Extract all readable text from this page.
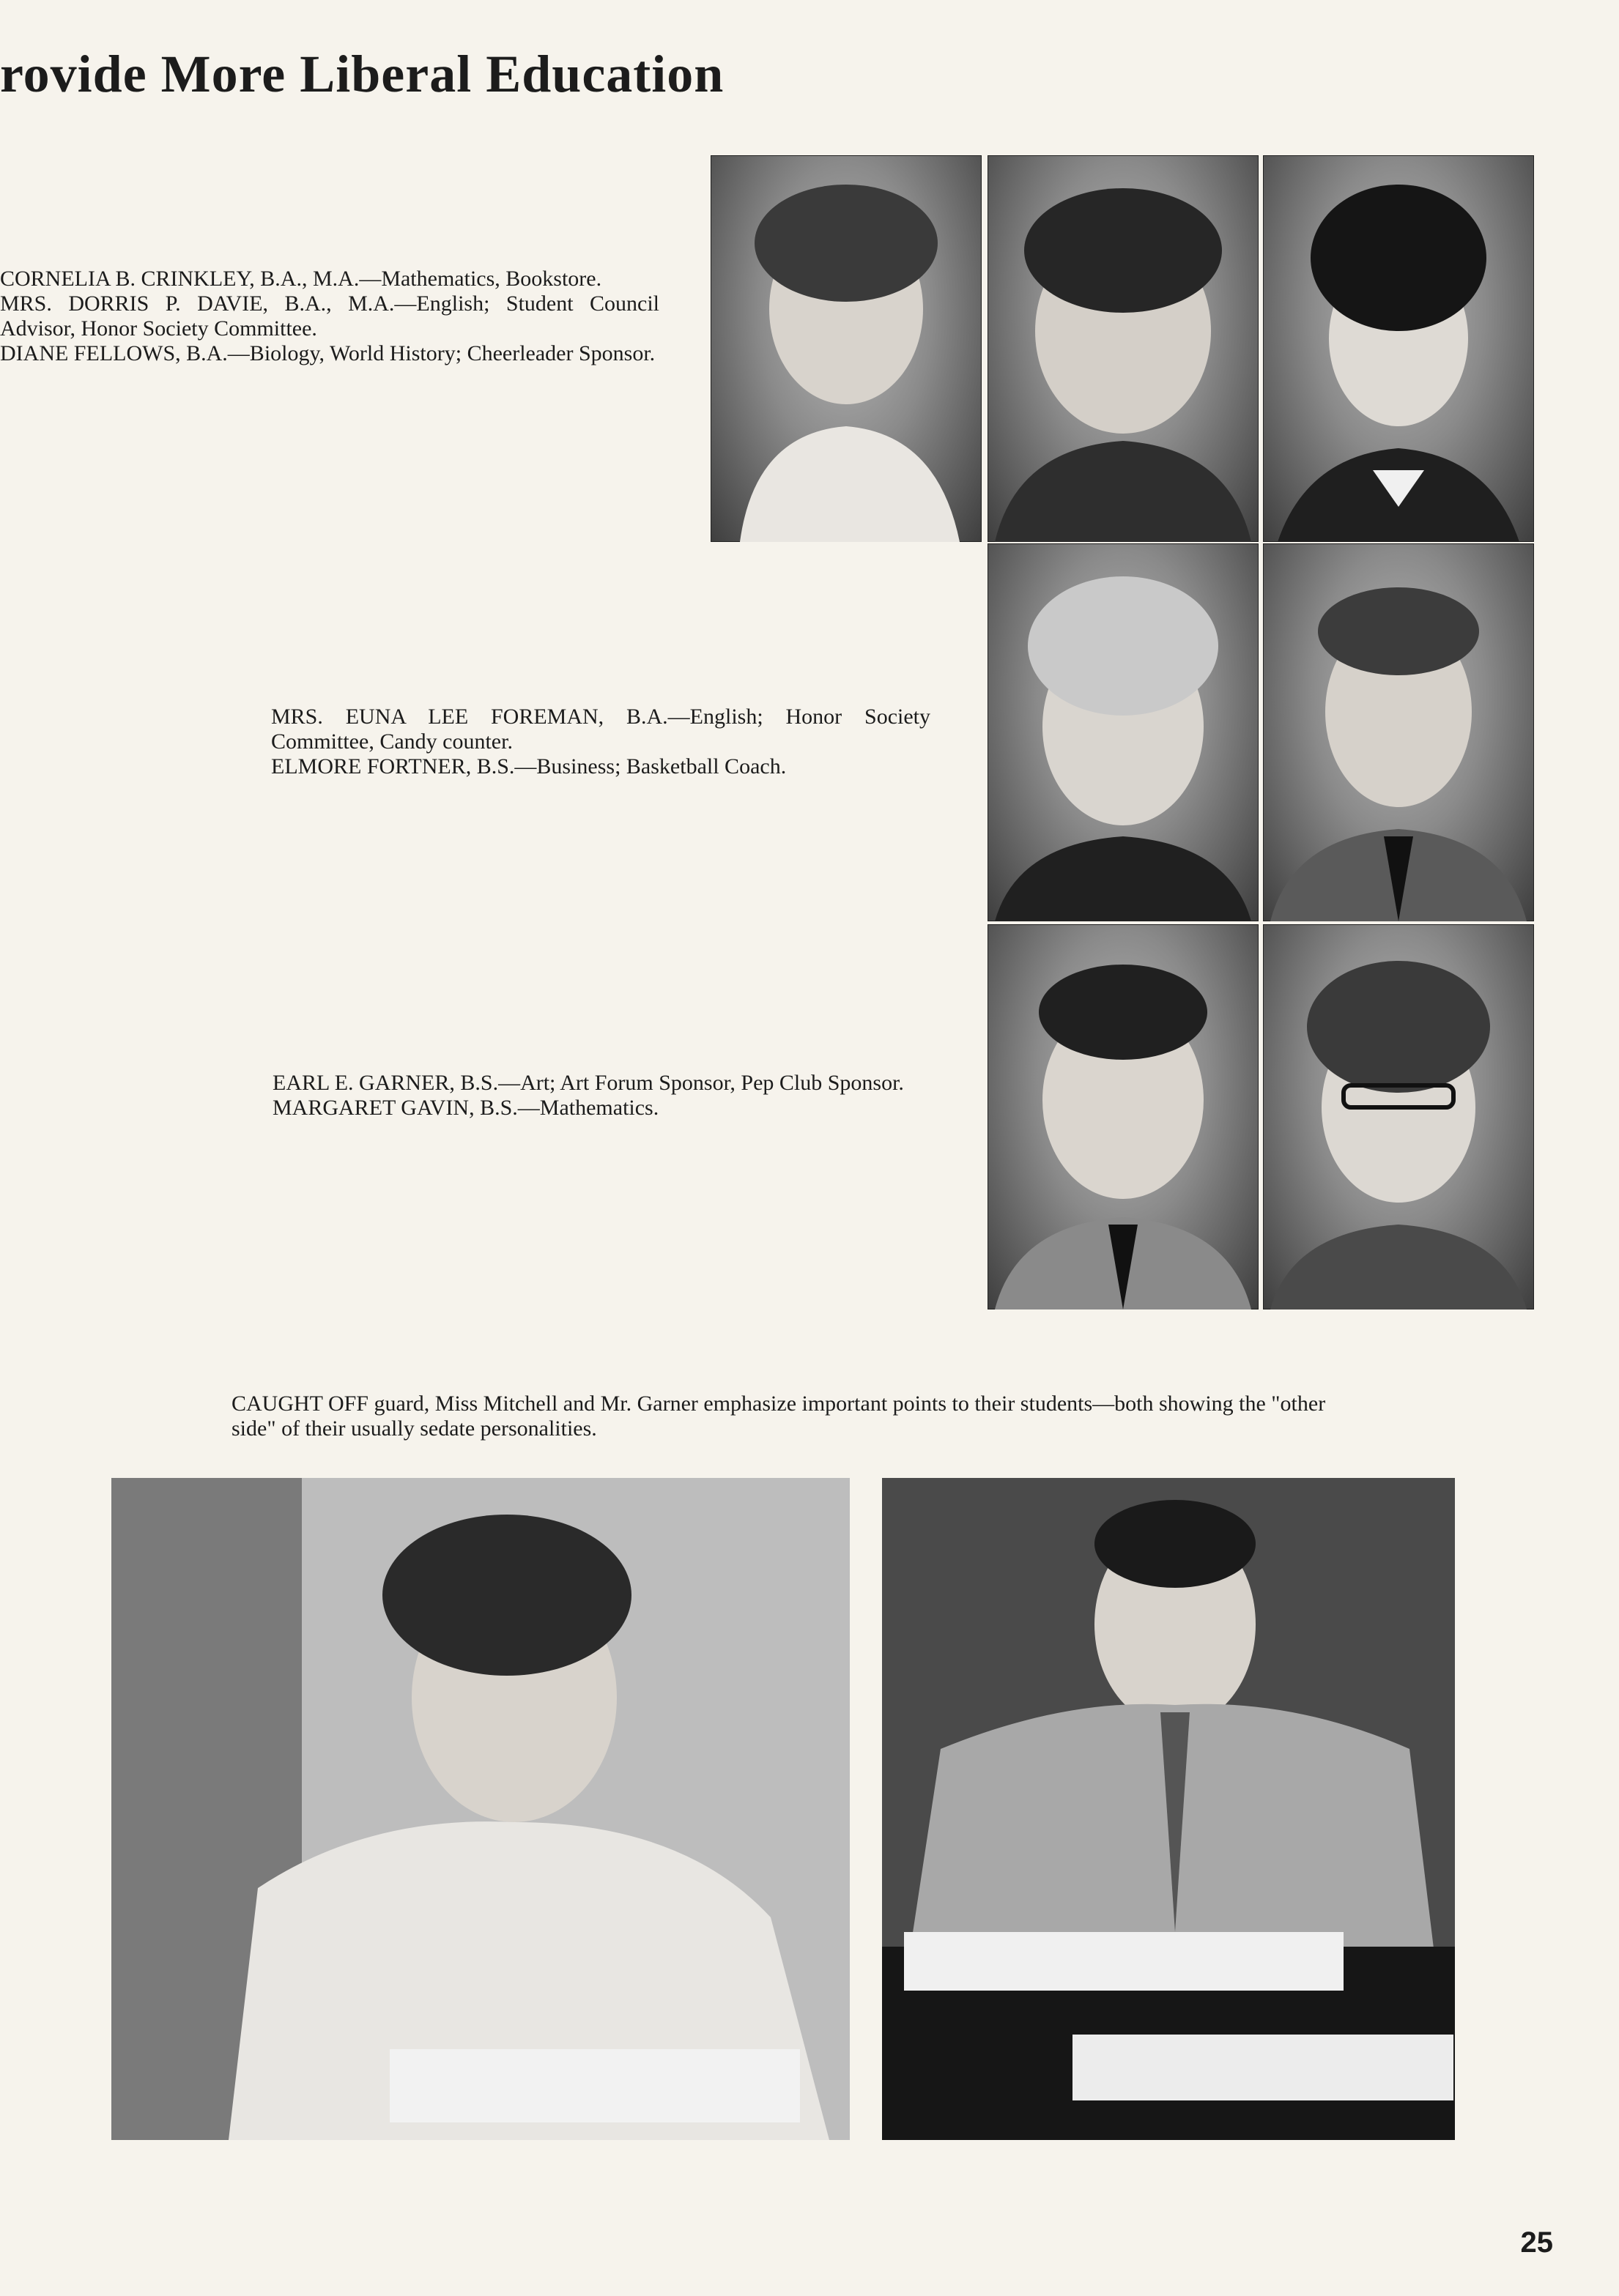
rovide More Liberal Education

CORNELIA B. CRINKLEY, B.A., M.A.—Mathematics, Bookstore.

MRS. DORRIS P. DAVIE, B.A., M.A.—English; Student Council Advisor, Honor Society Committee.

DIANE FELLOWS, B.A.—Biology, World History; Cheerleader Sponsor.

MRS. EUNA LEE FOREMAN, B.A.—English; Honor Society Committee, Candy counter.

ELMORE FORTNER, B.S.—Business; Basketball Coach.

EARL E. GARNER, B.S.—Art; Art Forum Sponsor, Pep Club Sponsor.

MARGARET GAVIN, B.S.—Mathematics.

CAUGHT OFF guard, Miss Mitchell and Mr. Garner emphasize important points to their students—both showing the "other side" of their usually sedate personalities.
25
